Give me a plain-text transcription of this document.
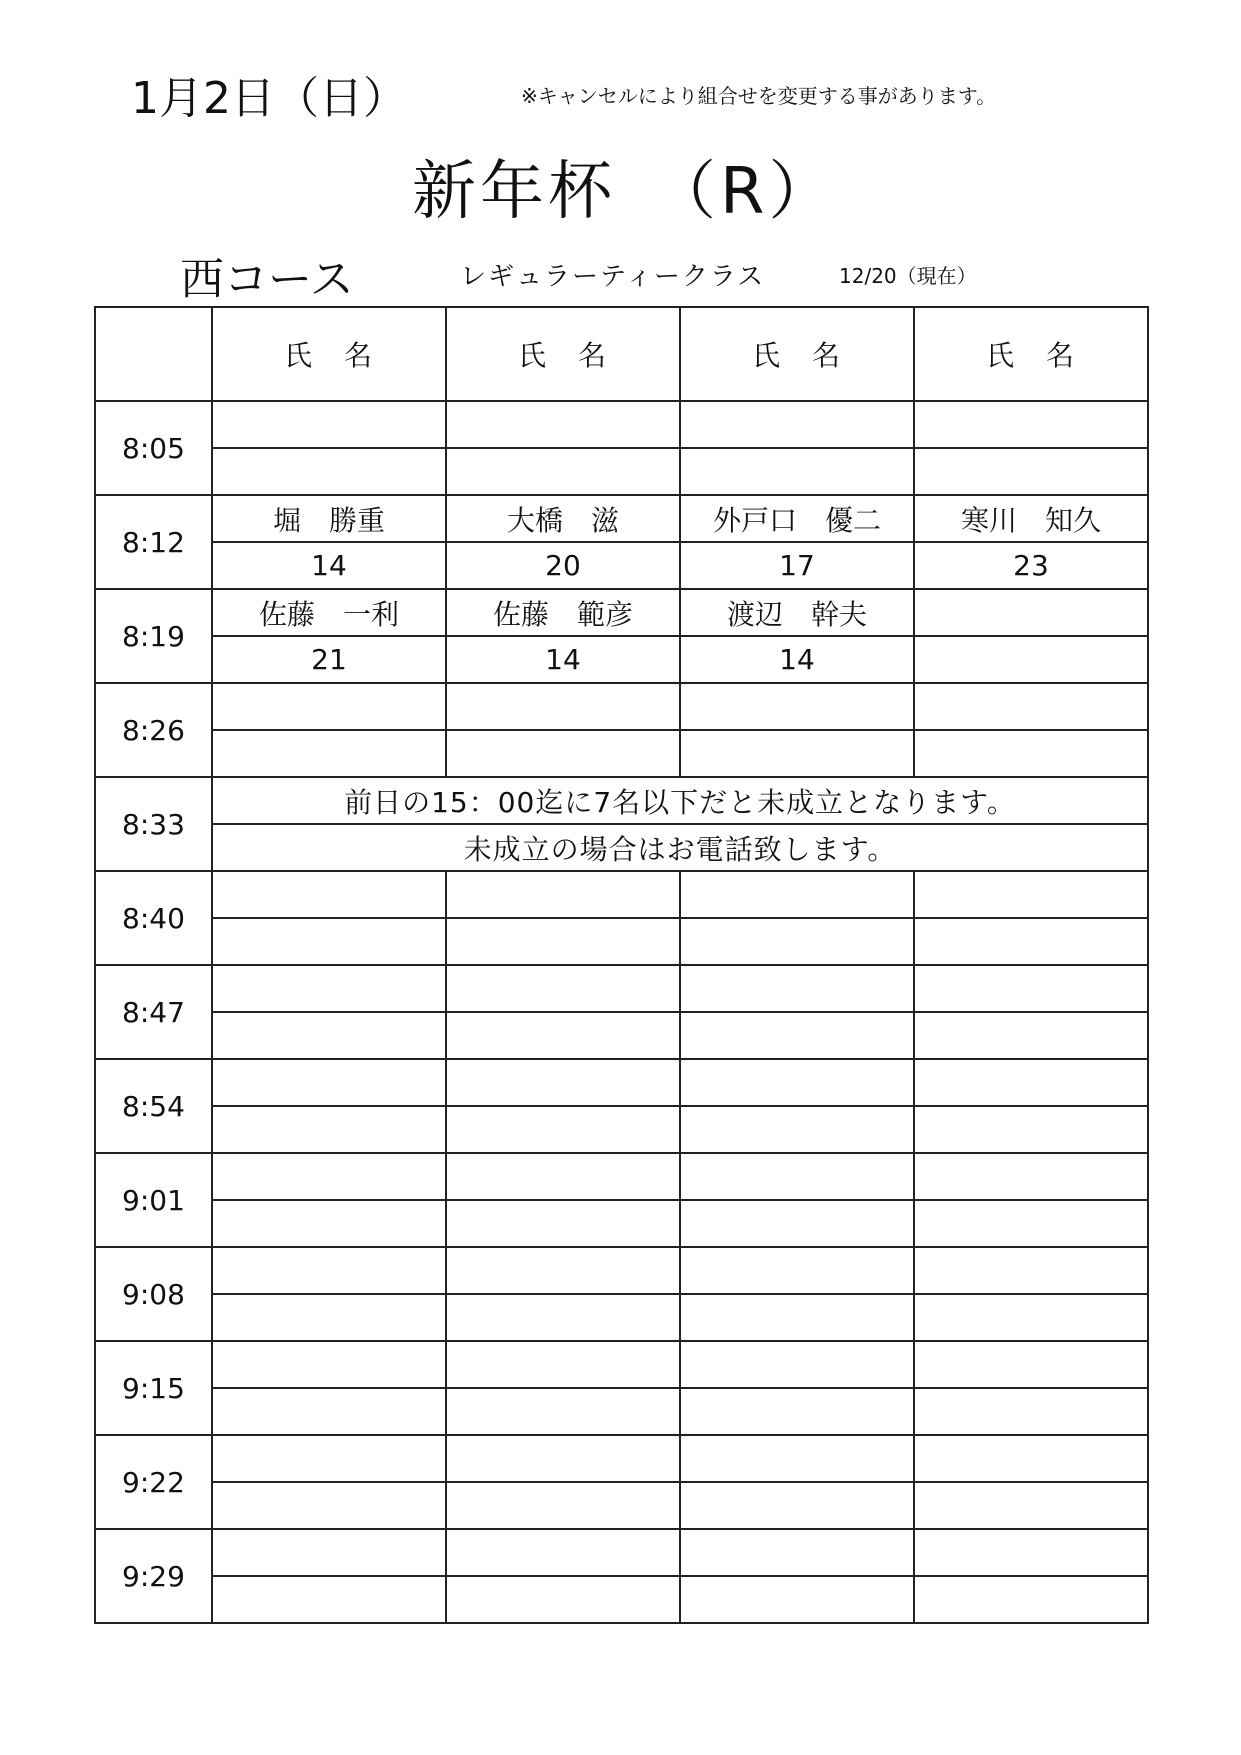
1月2日（日）	※キャンセルにより組合せを変更する事があります。
新年杯　（R）
西コース	レギュラーティークラス	12/20（現在）
	氏　名	氏　名	氏　名	氏　名
8:05				

8:12	堀　勝重	大橋　滋	外戸口　優二	寒川　知久
	14	20	17	23
8:19	佐藤　一利	佐藤　範彦	渡辺　幹夫	
	21	14	14	
8:26				

8:33	前日の15：00迄に7名以下だと未成立となります。			
	未成立の場合はお電話致します。			
8:40				

8:47				

8:54				

9:01				

9:08				

9:15				

9:22				

9:29				
